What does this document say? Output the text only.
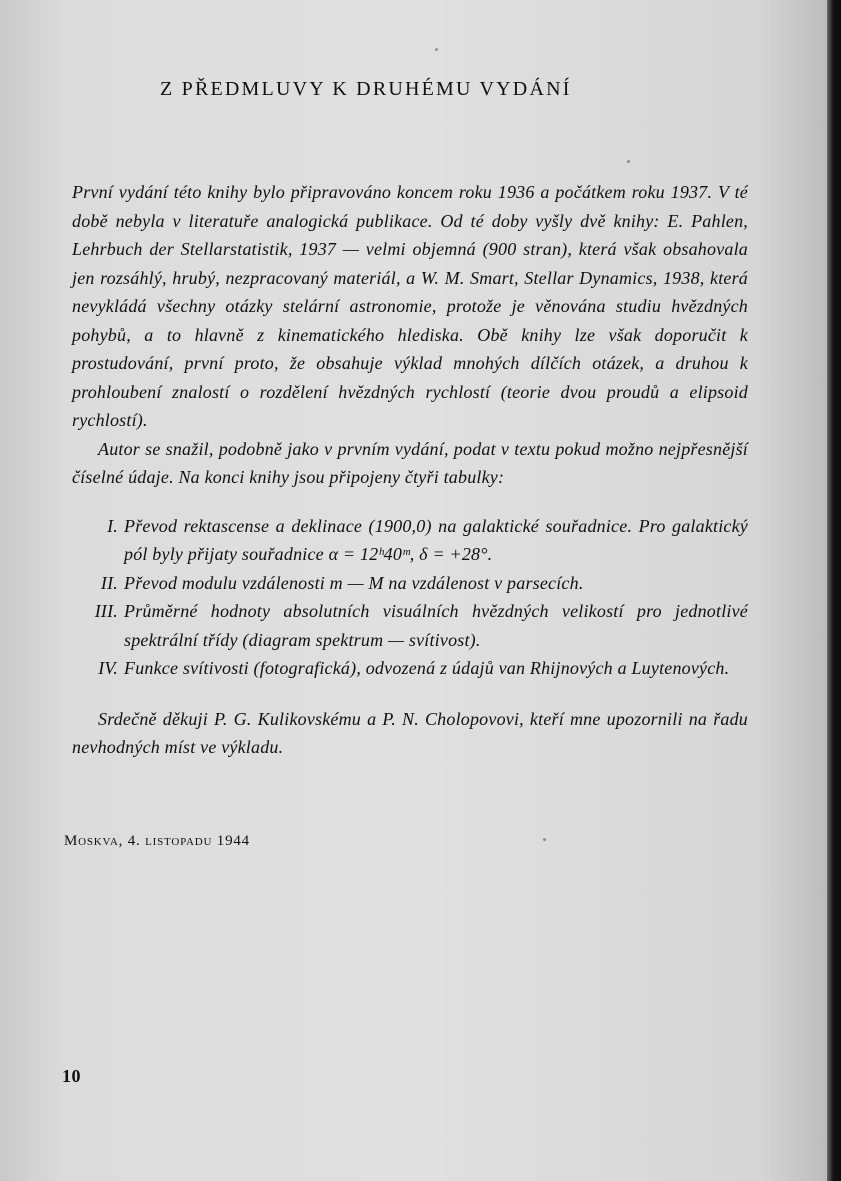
Z PŘEDMLUVY K DRUHÉMU VYDÁNÍ

První vydání této knihy bylo připravováno koncem roku 1936 a počátkem roku 1937. V té době nebyla v literatuře analogická publikace. Od té doby vyšly dvě knihy: E. Pahlen, Lehrbuch der Stellarstatistik, 1937 — velmi objemná (900 stran), která však obsahovala jen rozsáhlý, hrubý, nezpracovaný materiál, a W. M. Smart, Stellar Dynamics, 1938, která nevykládá všechny otázky stelární astronomie, protože je věnována studiu hvězdných pohybů, a to hlavně z kinematického hlediska. Obě knihy lze však doporučit k prostudování, první proto, že obsahuje výklad mnohých dílčích otázek, a druhou k prohloubení znalostí o rozdělení hvězdných rychlostí (teorie dvou proudů a elipsoid rychlostí).

Autor se snažil, podobně jako v prvním vydání, podat v textu pokud možno nejpřesnější číselné údaje. Na konci knihy jsou připojeny čtyři tabulky:

I. Převod rektascense a deklinace (1900,0) na galaktické souřadnice. Pro galaktický pól byly přijaty souřadnice α = 12ʰ40ᵐ, δ = +28°.
II. Převod modulu vzdálenosti m — M na vzdálenost v parsecích.
III. Průměrné hodnoty absolutních visuálních hvězdných velikostí pro jednotlivé spektrální třídy (diagram spektrum — svítivost).
IV. Funkce svítivosti (fotografická), odvozená z údajů van Rhijnových a Luytenových.

Srdečně děkuji P. G. Kulikovskému a P. N. Cholopovovi, kteří mne upozornili na řadu nevhodných míst ve výkladu.

Moskva, 4. listopadu 1944
10
